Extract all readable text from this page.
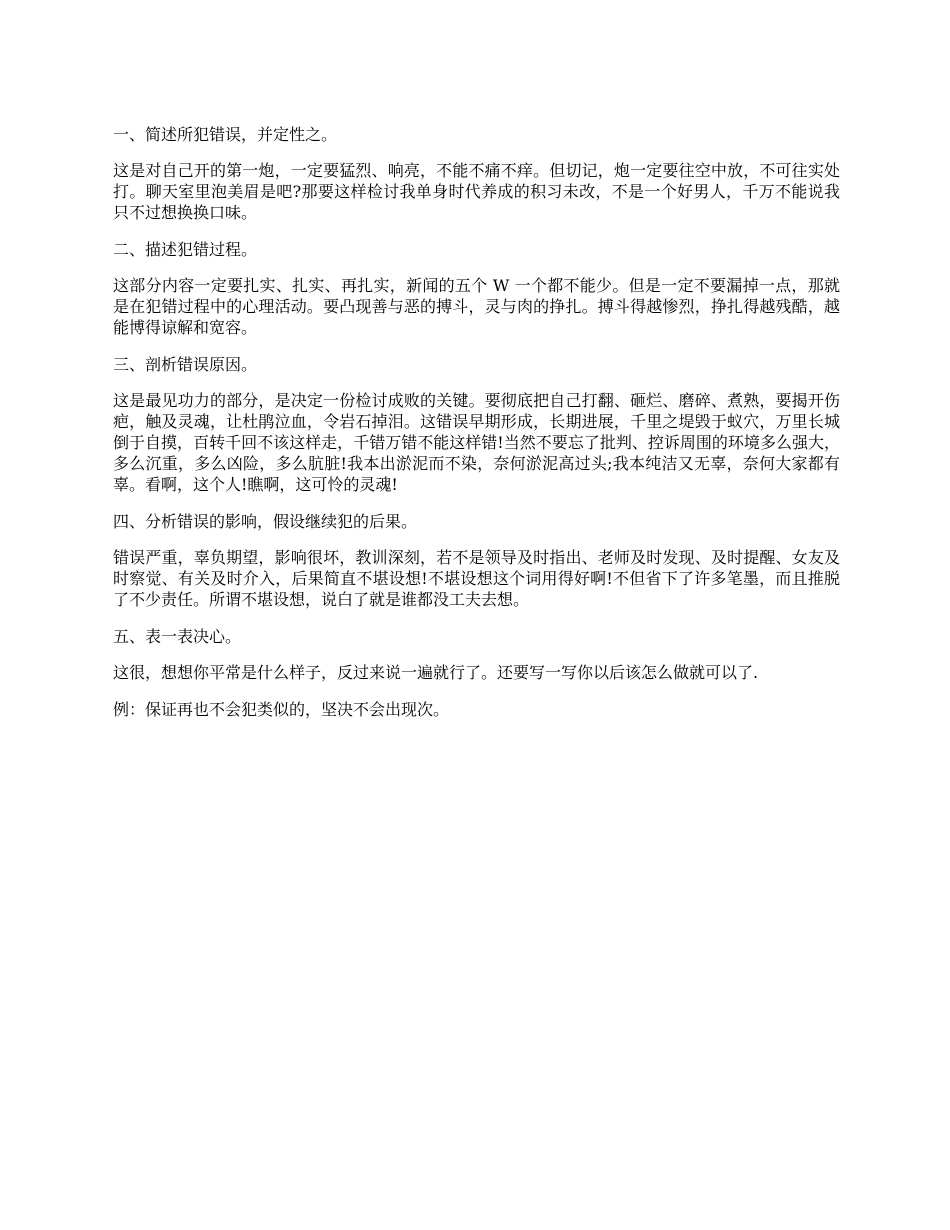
一、简述所犯错误，并定性之。
这是对自己开的第一炮，一定要猛烈、响亮，不能不痛不痒。但切记，炮一定要往空中放，不可往实处打。聊天室里泡美眉是吧?那要这样检讨我单身时代养成的积习未改，不是一个好男人，千万不能说我只不过想换换口味。
二、描述犯错过程。
这部分内容一定要扎实、扎实、再扎实，新闻的五个 W 一个都不能少。但是一定不要漏掉一点，那就是在犯错过程中的心理活动。要凸现善与恶的搏斗，灵与肉的挣扎。搏斗得越惨烈，挣扎得越残酷，越能博得谅解和宽容。
三、剖析错误原因。
这是最见功力的部分，是决定一份检讨成败的关键。要彻底把自己打翻、砸烂、磨碎、煮熟，要揭开伤疤，触及灵魂，让杜鹃泣血，令岩石掉泪。这错误早期形成，长期进展，千里之堤毁于蚁穴，万里长城倒于自摸，百转千回不该这样走，千错万错不能这样错!当然不要忘了批判、控诉周围的环境多么强大，多么沉重，多么凶险，多么肮脏!我本出淤泥而不染，奈何淤泥高过头;我本纯洁又无辜，奈何大家都有辜。看啊，这个人!瞧啊，这可怜的灵魂!
四、分析错误的影响，假设继续犯的后果。
错误严重，辜负期望，影响很坏，教训深刻，若不是领导及时指出、老师及时发现、及时提醒、女友及时察觉、有关及时介入，后果简直不堪设想!不堪设想这个词用得好啊!不但省下了许多笔墨，而且推脱了不少责任。所谓不堪设想，说白了就是谁都没工夫去想。
五、表一表决心。
这很，想想你平常是什么样子，反过来说一遍就行了。还要写一写你以后该怎么做就可以了.
例：保证再也不会犯类似的，坚决不会出现次。
